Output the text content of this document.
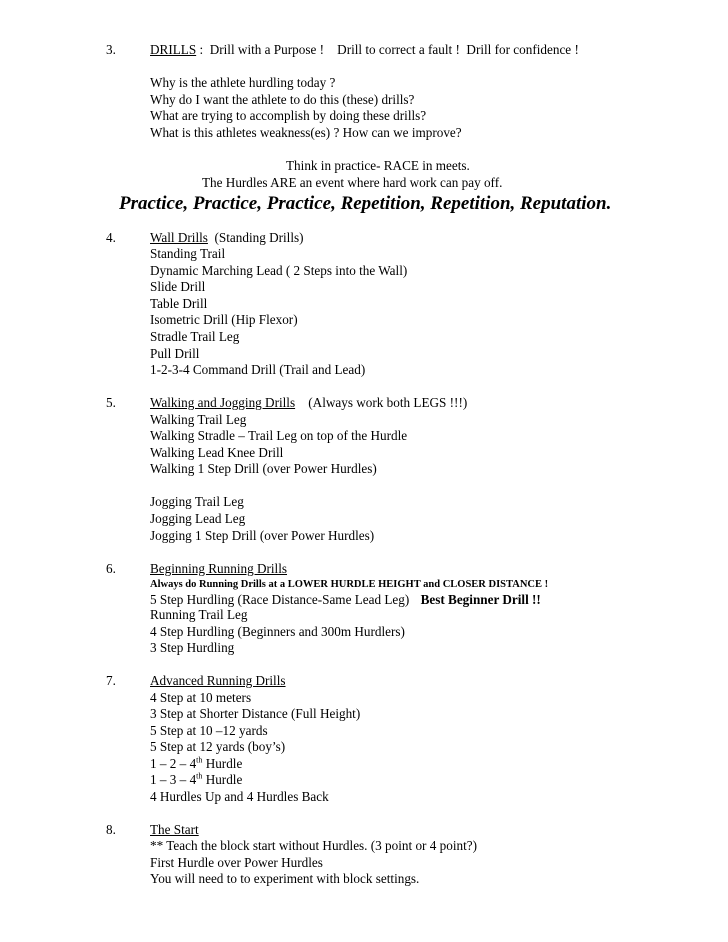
3.	DRILLS :  Drill with a Purpose !    Drill to correct a fault !  Drill for confidence !
Why is the athlete hurdling today ?
Why do I want the athlete to do this (these) drills?
What are trying to accomplish by doing these drills?
What is this athletes weakness(es) ? How can we improve?
Think in practice- RACE in meets.
The Hurdles ARE an event where hard work can pay off.
Practice, Practice, Practice, Repetition, Repetition, Reputation.
4.	Wall Drills  (Standing Drills)
Standing Trail
Dynamic Marching Lead ( 2 Steps into the Wall)
Slide Drill
Table Drill
Isometric Drill (Hip Flexor)
Stradle Trail Leg
Pull Drill
1-2-3-4 Command Drill (Trail and Lead)
5.	Walking and Jogging Drills    (Always work both LEGS !!!)
Walking Trail Leg
Walking Stradle – Trail Leg on top of the Hurdle
Walking Lead Knee Drill
Walking 1 Step Drill (over Power Hurdles)
Jogging Trail Leg
Jogging Lead Leg
Jogging 1 Step Drill (over Power Hurdles)
6.	Beginning Running Drills
Always do Running Drills at a LOWER HURDLE HEIGHT and CLOSER DISTANCE !
5 Step Hurdling (Race Distance-Same Lead Leg) Best Beginner Drill !!
Running Trail Leg
4 Step Hurdling (Beginners and 300m Hurdlers)
3 Step Hurdling
7.	Advanced Running Drills
4 Step at 10 meters
3 Step at Shorter Distance (Full Height)
5 Step at 10 –12 yards
5 Step at 12 yards (boy’s)
1 – 2 – 4th Hurdle
1 – 3 – 4th Hurdle
4 Hurdles Up and 4 Hurdles Back
8.	The Start
** Teach the block start without Hurdles. (3 point or 4 point?)
First Hurdle over Power Hurdles
You will need to to experiment with block settings.
